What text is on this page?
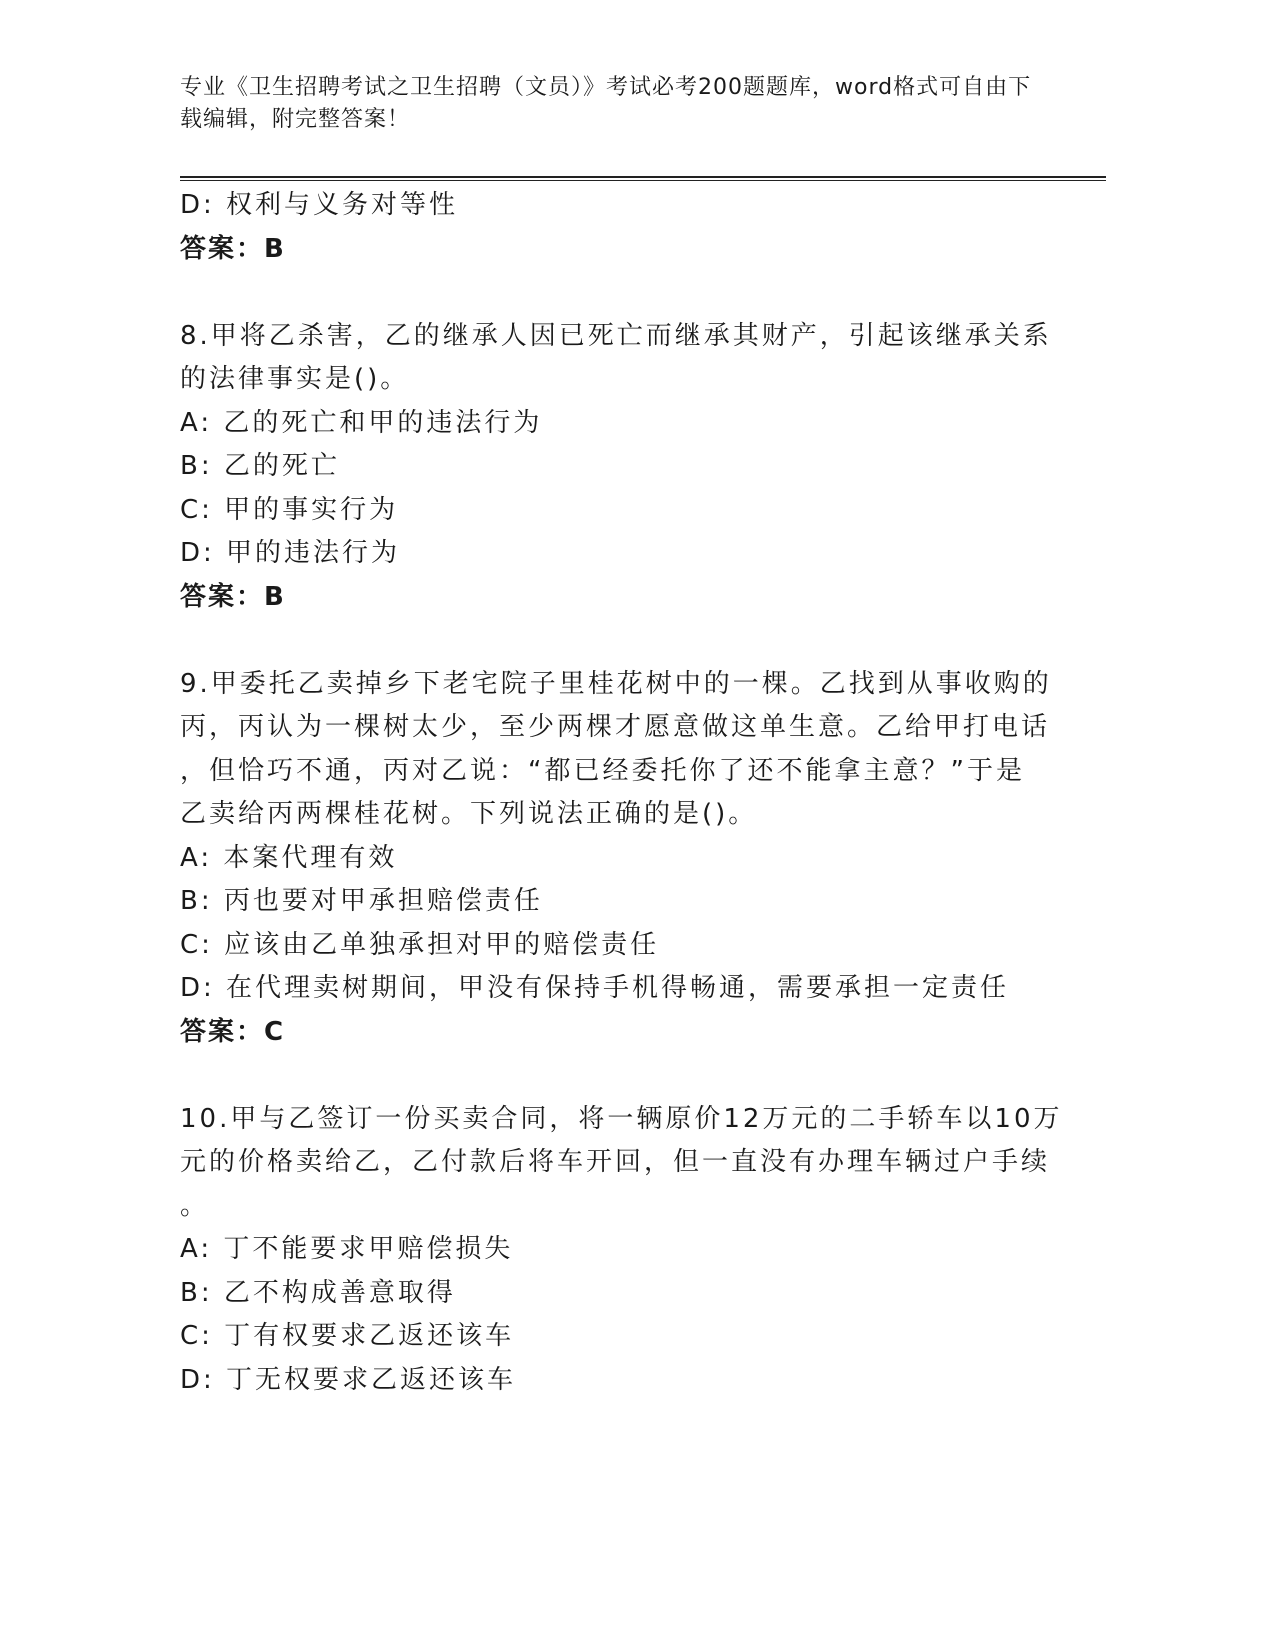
专业《卫生招聘考试之卫生招聘（文员）》考试必考200题题库，word格式可自由下载编辑，附完整答案！
D: 权利与义务对等性
答案：B
8.甲将乙杀害，乙的继承人因已死亡而继承其财产，引起该继承关系
的法律事实是()。
A: 乙的死亡和甲的违法行为
B: 乙的死亡
C: 甲的事实行为
D: 甲的违法行为
答案：B
9.甲委托乙卖掉乡下老宅院子里桂花树中的一棵。乙找到从事收购的
丙，丙认为一棵树太少，至少两棵才愿意做这单生意。乙给甲打电话
，但恰巧不通，丙对乙说：“都已经委托你了还不能拿主意？”于是
乙卖给丙两棵桂花树。下列说法正确的是()。
A: 本案代理有效
B: 丙也要对甲承担赔偿责任
C: 应该由乙单独承担对甲的赔偿责任
D: 在代理卖树期间，甲没有保持手机得畅通，需要承担一定责任
答案：C
10.甲与乙签订一份买卖合同，将一辆原价12万元的二手轿车以10万
元的价格卖给乙，乙付款后将车开回，但一直没有办理车辆过户手续
。
A: 丁不能要求甲赔偿损失
B: 乙不构成善意取得
C: 丁有权要求乙返还该车
D: 丁无权要求乙返还该车
